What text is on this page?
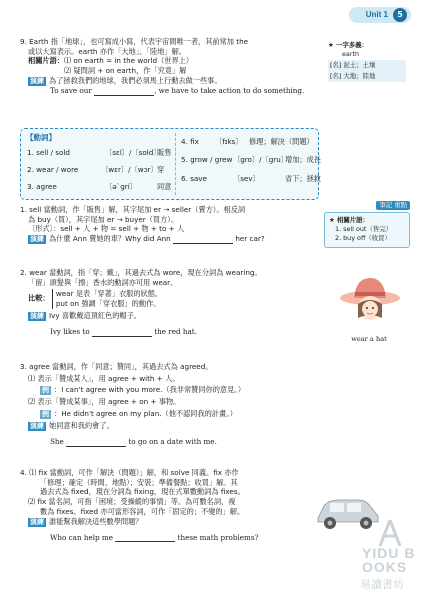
Unit 1	5
9. Earth 指「地球」，也可寫成小寫，代表宇宙間唯一者，其前常加 the
或以大寫表示。earth 亦作「大地」、「陸地」解。
相關片語：⑴ on earth = in the world（世界上）
⑵ 疑問詞 + on earth，作「究竟」解
演練 為了拯救我們的地球，我們必須馬上行動去做一些事。
To save our	, we have to take action to do something.
★ 一字多義：
earth
[名] 泥土；土壤
[名] 大地；陸地
【動詞】
1. sell / sold	〔sɛl〕/〔sold〕
販售
2. wear / wore	〔wɛr〕/〔wɔr〕 穿
3. agree	〔əˋgri〕	同意
4. fix 〔fɪks〕 修理；解決（問題）
5. grow / grew 〔gro〕/〔gru〕
增加；成長
6. save	〔sev〕	省下；拯救
1. sell 當動詞，作「販售」解，其字尾加 er → seller（賣方）。相反詞
為 buy（買），其字尾加 er → buyer（買方）。
〔形式〕：sell + 人 + 物 = sell + 物 + to + 人
演練 為什麼 Ann 賣她的車？Why did Ann	her car?
筆記 重點
★ 相關片語：
1. sell out（售完）
2. buy off（收買）
2. wear 當動詞，指「穿；戴」，其過去式為 wore，現在分詞為 wearing。
「留」頭髮與「擦」香水的動詞亦可用 wear。
比較：
wear 是表「穿著」衣服的狀態。
put on 強調「穿衣服」的動作。
演練 Ivy 喜歡戴這頂紅色的帽子。
Ivy likes to	the red hat.
wear a hat
3. agree 當動詞，作「同意；贊同」，其過去式為 agreed。
⑴ 表示「贊成某人」，用 agree + with + 人。
例 ：I can't agree with you more.（我非常贊同你的意見。）
⑵ 表示「贊成某事」，用 agree + on + 事物。
例 ：He didn't agree on my plan.（他不認同我的計畫。）
演練 她同意和我約會了。
She	to go on a date with me.
4. ⑴ fix 當動詞，可作「解決（問題）」解，和 solve 同義。fix 亦作
「修理；確定（時間、地點）；安裝；準備餐點；收買」解。其
過去式為 fixed，現在分詞為 fixing，現在式單數動詞為 fixes。
⑵ fix 當名詞，可指「困境；受操縱的事情」等。為可數名詞，複
數為 fixes。fixed 亦可當形容詞，可作「固定的；不變的」解。
演練 誰能幫我解決這些數學問題？
Who can help me	these math problems?
YIDU BOOKS
易讀書坊
